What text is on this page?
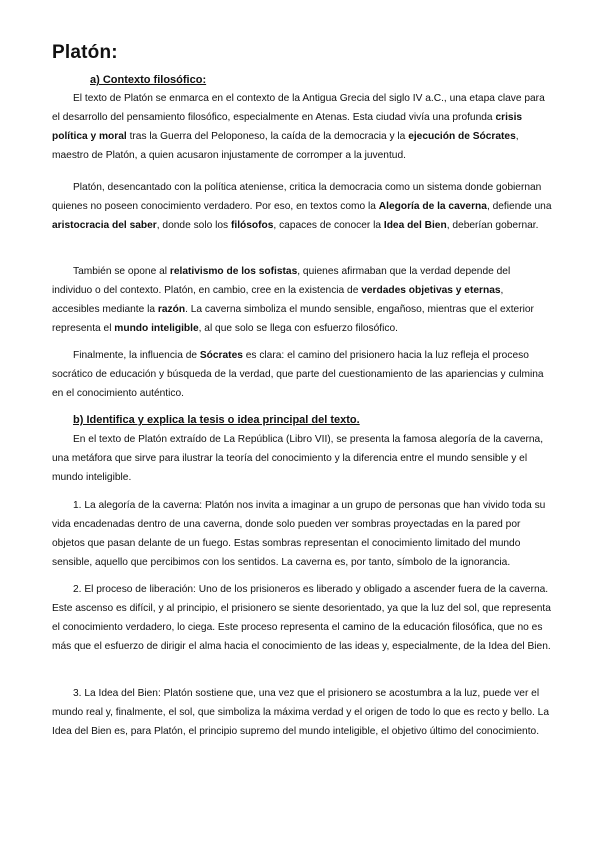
Platón:
a) Contexto filosófico:

El texto de Platón se enmarca en el contexto de la Antigua Grecia del siglo IV a.C., una etapa clave para el desarrollo del pensamiento filosófico, especialmente en Atenas. Esta ciudad vivía una profunda crisis política y moral tras la Guerra del Peloponeso, la caída de la democracia y la ejecución de Sócrates, maestro de Platón, a quien acusaron injustamente de corromper a la juventud.

Platón, desencantado con la política ateniense, critica la democracia como un sistema donde gobiernan quienes no poseen conocimiento verdadero. Por eso, en textos como la Alegoría de la caverna, defiende una aristocracia del saber, donde solo los filósofos, capaces de conocer la Idea del Bien, deberían gobernar.

También se opone al relativismo de los sofistas, quienes afirmaban que la verdad depende del individuo o del contexto. Platón, en cambio, cree en la existencia de verdades objetivas y eternas, accesibles mediante la razón. La caverna simboliza el mundo sensible, engañoso, mientras que el exterior representa el mundo inteligible, al que solo se llega con esfuerzo filosófico.

Finalmente, la influencia de Sócrates es clara: el camino del prisionero hacia la luz refleja el proceso socrático de educación y búsqueda de la verdad, que parte del cuestionamiento de las apariencias y culmina en el conocimiento auténtico.

b) Identifica y explica la tesis o idea principal del texto.

En el texto de Platón extraído de La República (Libro VII), se presenta la famosa alegoría de la caverna, una metáfora que sirve para ilustrar la teoría del conocimiento y la diferencia entre el mundo sensible y el mundo inteligible.

1. La alegoría de la caverna: Platón nos invita a imaginar a un grupo de personas que han vivido toda su vida encadenadas dentro de una caverna, donde solo pueden ver sombras proyectadas en la pared por objetos que pasan delante de un fuego. Estas sombras representan el conocimiento limitado del mundo sensible, aquello que percibimos con los sentidos. La caverna es, por tanto, símbolo de la ignorancia.

2. El proceso de liberación: Uno de los prisioneros es liberado y obligado a ascender fuera de la caverna. Este ascenso es difícil, y al principio, el prisionero se siente desorientado, ya que la luz del sol, que representa el conocimiento verdadero, lo ciega. Este proceso representa el camino de la educación filosófica, que no es más que el esfuerzo de dirigir el alma hacia el conocimiento de las ideas y, especialmente, de la Idea del Bien.

3. La Idea del Bien: Platón sostiene que, una vez que el prisionero se acostumbra a la luz, puede ver el mundo real y, finalmente, el sol, que simboliza la máxima verdad y el origen de todo lo que es recto y bello. La Idea del Bien es, para Platón, el principio supremo del mundo inteligible, el objetivo último del conocimiento.
